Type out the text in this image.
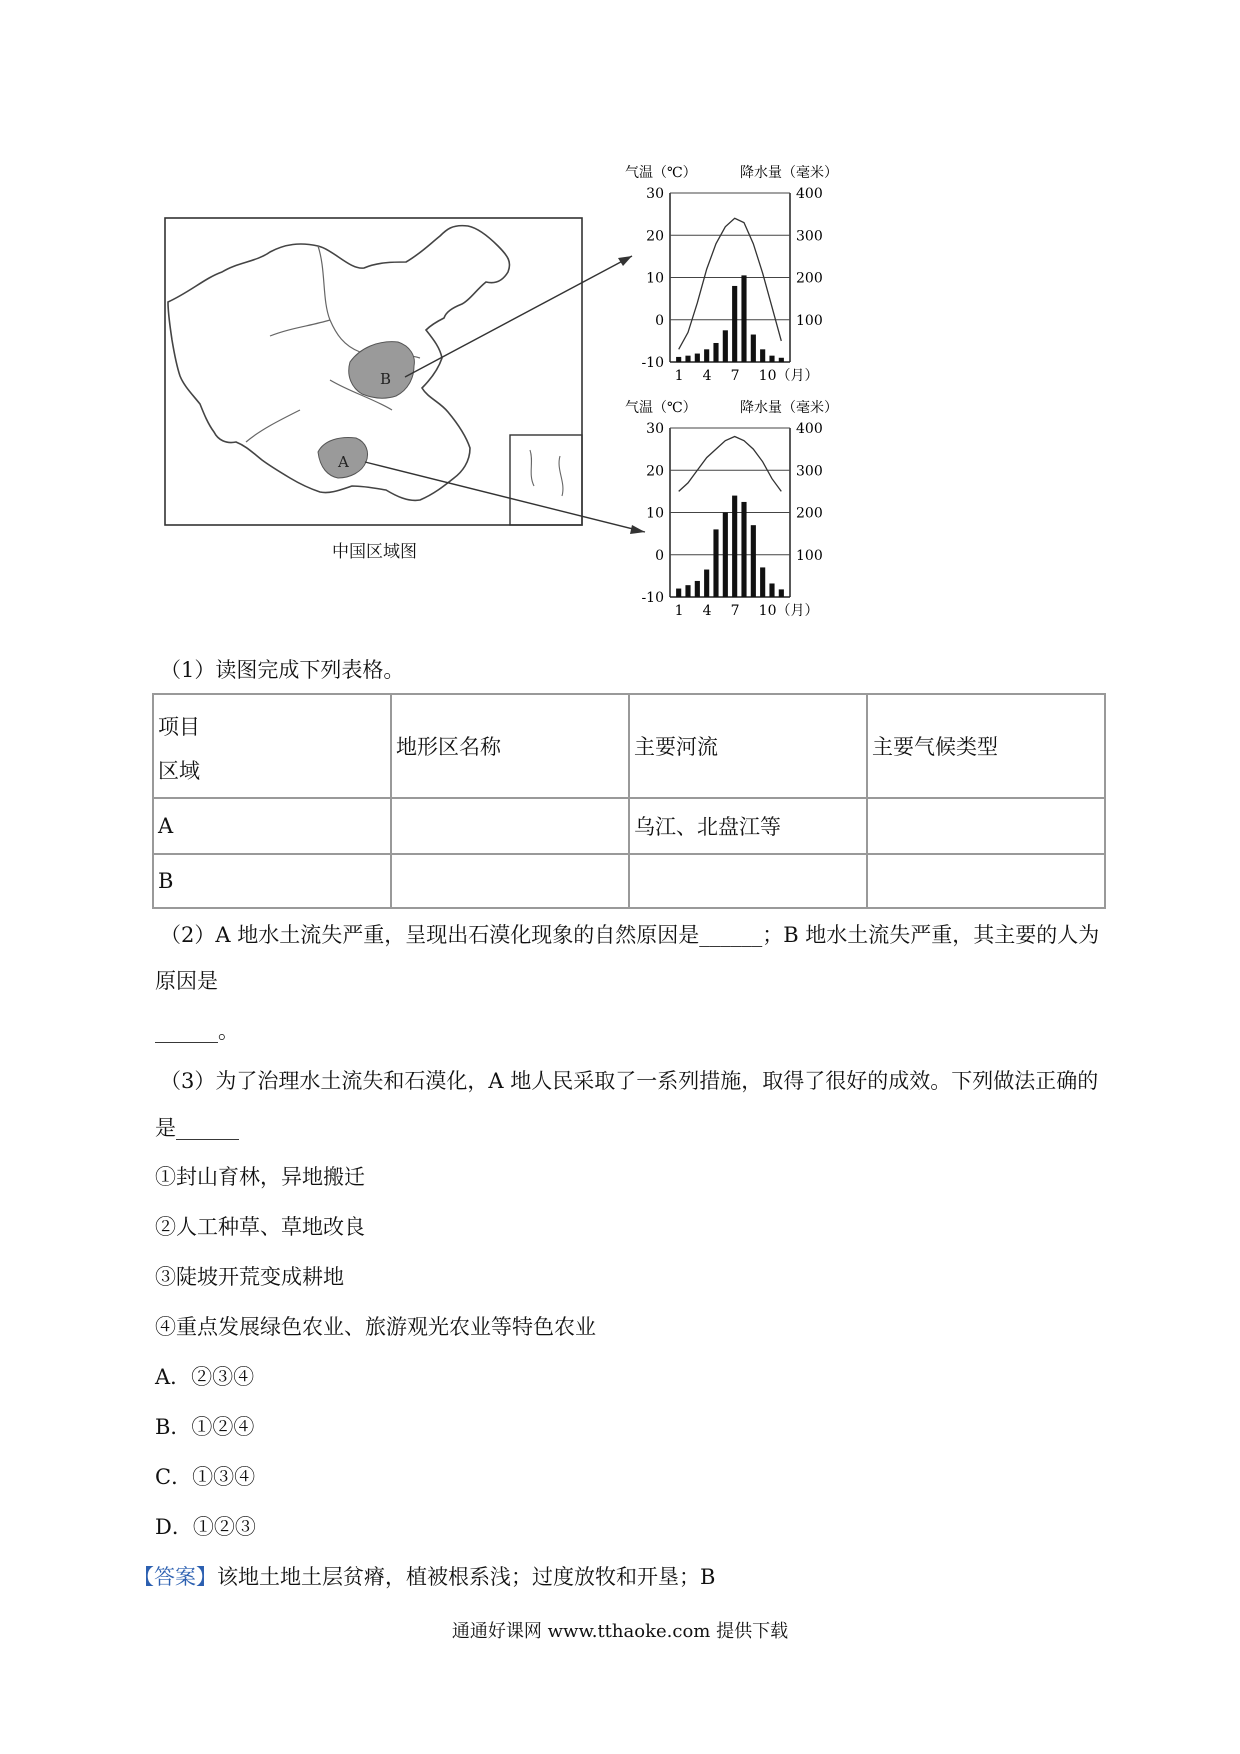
B
A
中国区域图
气温（℃）	降水量（毫米）
30
20
10
0
-10
400
300
200
100
1 4 7 10（月）
气温（℃）	降水量（毫米）
30
20
10
0
-10
400
300
200
100
1 4 7 10（月）
（1）读图完成下列表格。
项目
区域	地形区名称	主要河流	主要气候类型
A		乌江、北盘江等	
B			
（2）A 地水土流失严重，呈现出石漠化现象的自然原因是______；B 地水土流失严重，其主要的人为
原因是
______。
（3）为了治理水土流失和石漠化，A 地人民采取了一系列措施，取得了很好的成效。下列做法正确的
是______
①封山育林，异地搬迁
②人工种草、草地改良
③陡坡开荒变成耕地
④重点发展绿色农业、旅游观光农业等特色农业
A．②③④
B．①②④
C．①③④
D．①②③
【答案】该地土地土层贫瘠，植被根系浅；过度放牧和开垦；B
通通好课网 www.tthaoke.com 提供下载
